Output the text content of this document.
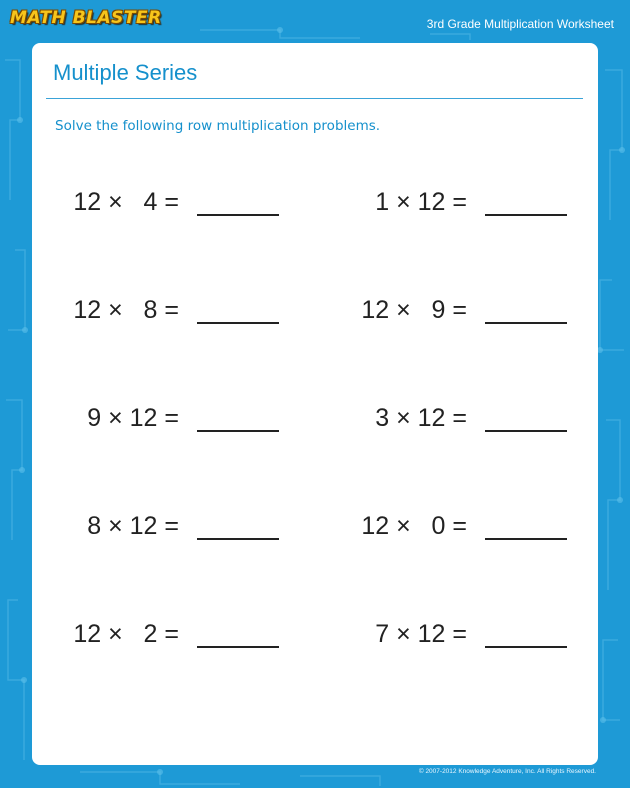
MATH BLASTER	3rd Grade Multiplication Worksheet
Multiple Series
Solve the following row multiplication problems.
12 ×   4 =	1 × 12 =
12 ×   8 =	12 ×   9 =
9 × 12 =	3 × 12 =
8 × 12 =	12 ×   0 =
12 ×   2 =	7 × 12 =
© 2007-2012 Knowledge Adventure, Inc. All Rights Reserved.
